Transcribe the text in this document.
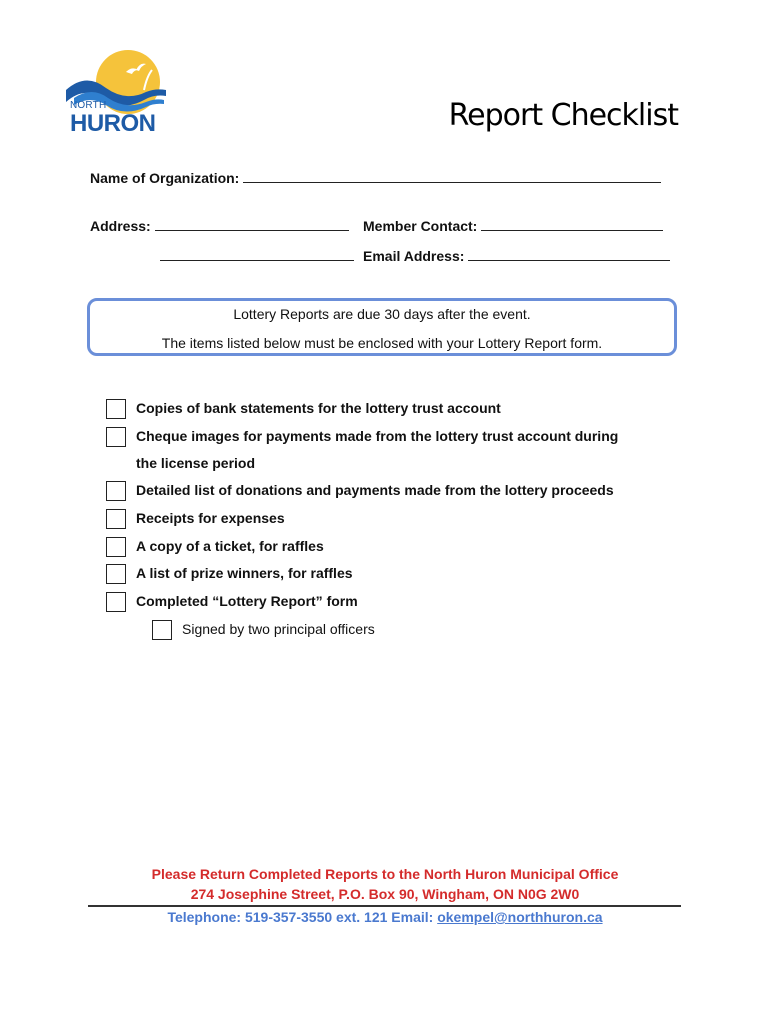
NORTH
HURON	Report Checklist
Name of Organization:
Address:	Member Contact:
Email Address:
Lottery Reports are due 30 days after the event.
The items listed below must be enclosed with your Lottery Report form.
Copies of bank statements for the lottery trust account
Cheque images for payments made from the lottery trust account during
the license period
Detailed list of donations and payments made from the lottery proceeds
Receipts for expenses
A copy of a ticket, for raffles
A list of prize winners, for raffles
Completed “Lottery Report” form
Signed by two principal officers
Please Return Completed Reports to the North Huron Municipal Office
274 Josephine Street, P.O. Box 90, Wingham, ON N0G 2W0
Telephone: 519-357-3550 ext. 121 Email: okempel@northhuron.ca
